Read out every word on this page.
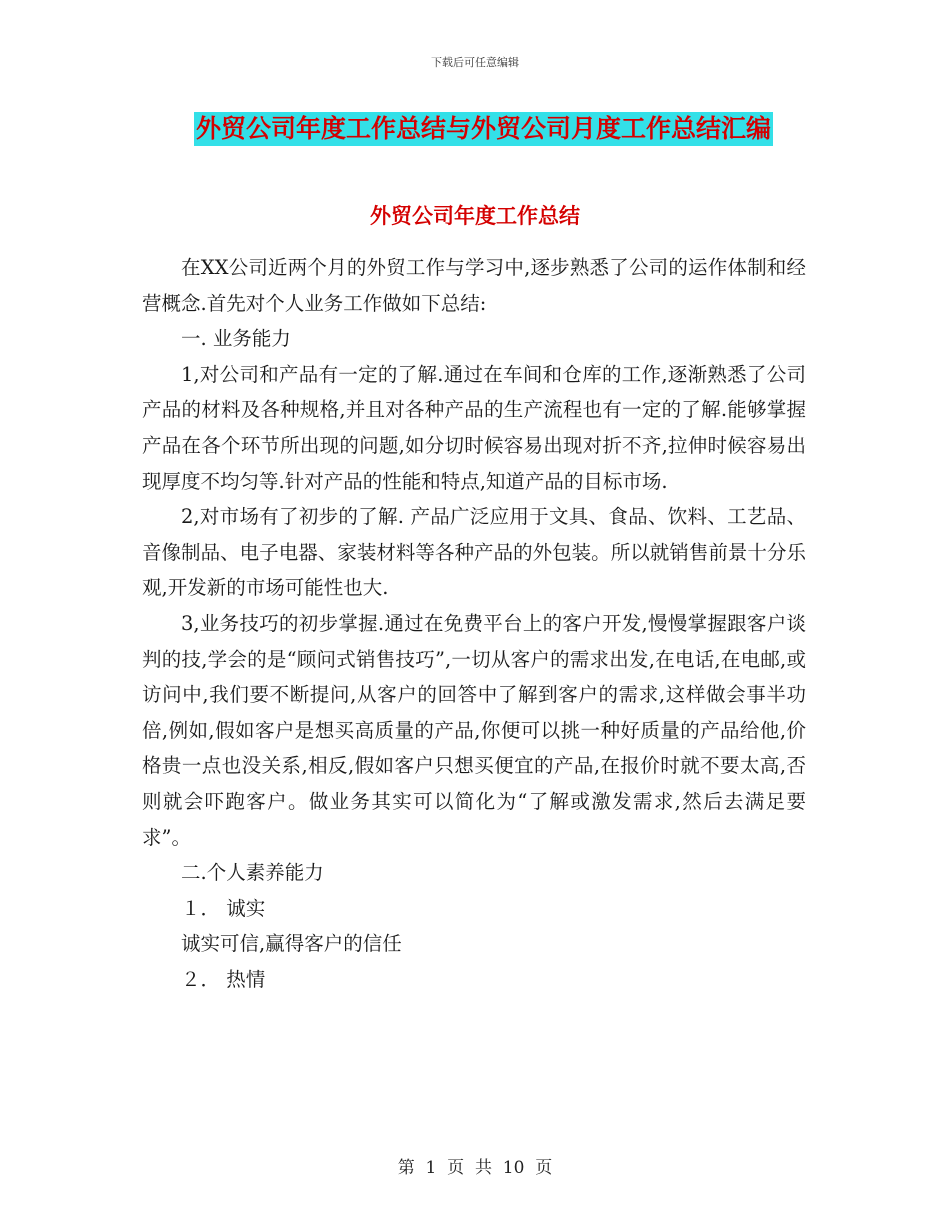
下载后可任意编辑
外贸公司年度工作总结与外贸公司月度工作总结汇编
外贸公司年度工作总结

在XX公司近两个月的外贸工作与学习中,逐步熟悉了公司的运作体制和经营概念.首先对个人业务工作做如下总结:

一. 业务能力

1,对公司和产品有一定的了解.通过在车间和仓库的工作,逐渐熟悉了公司产品的材料及各种规格,并且对各种产品的生产流程也有一定的了解.能够掌握产品在各个环节所出现的问题,如分切时候容易出现对折不齐,拉伸时候容易出现厚度不均匀等.针对产品的性能和特点,知道产品的目标市场.

2,对市场有了初步的了解. 产品广泛应用于文具、食品、饮料、工艺品、音像制品、电子电器、家装材料等各种产品的外包装。所以就销售前景十分乐观,开发新的市场可能性也大.

3,业务技巧的初步掌握.通过在免费平台上的客户开发,慢慢掌握跟客户谈判的技,学会的是“顾问式销售技巧”,一切从客户的需求出发,在电话,在电邮,或访问中,我们要不断提问,从客户的回答中了解到客户的需求,这样做会事半功倍,例如,假如客户是想买高质量的产品,你便可以挑一种好质量的产品给他,价格贵一点也没关系,相反,假如客户只想买便宜的产品,在报价时就不要太高,否则就会吓跑客户。做业务其实可以简化为“了解或激发需求,然后去满足要求”。

二.个人素养能力

１． 诚实

诚实可信,赢得客户的信任

２． 热情

第  1  页  共  10  页
